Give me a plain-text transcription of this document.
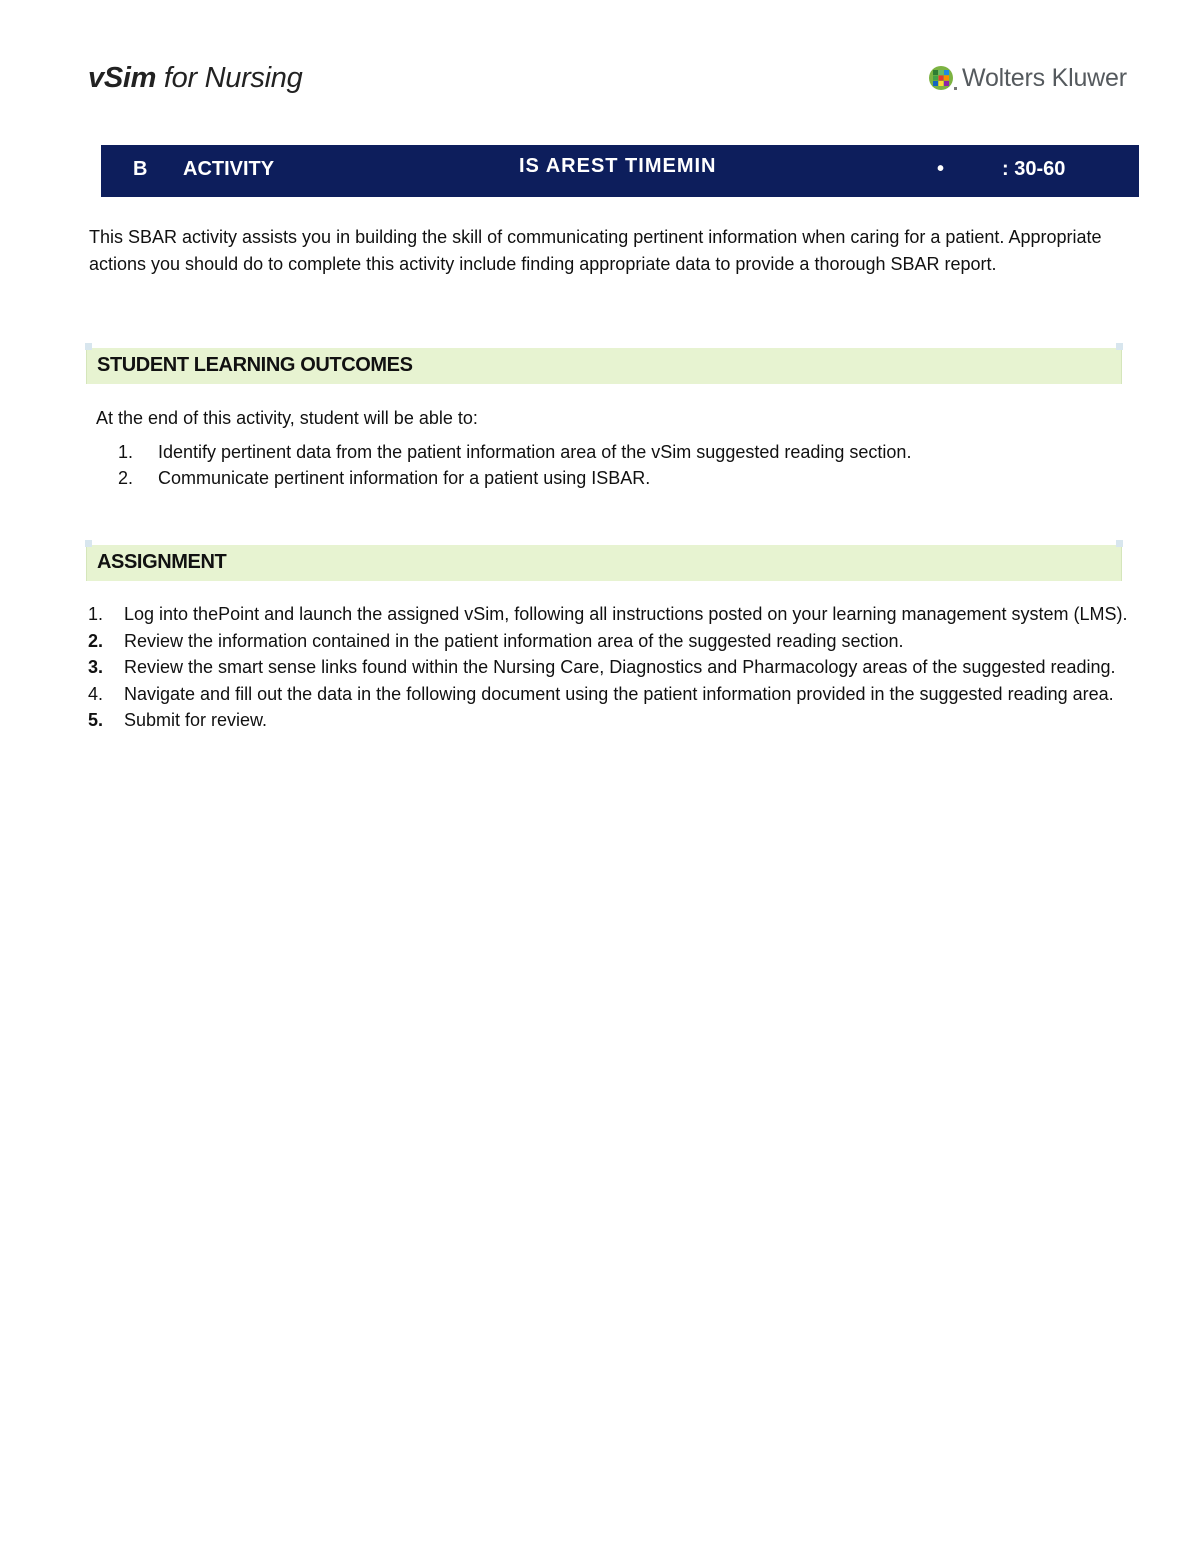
vSim for Nursing	Wolters Kluwer
B ACTIVITY	IS AREST TIMEMIN	•	: 30-60
This SBAR activity assists you in building the skill of communicating pertinent information when caring for a patient. Appropriate actions you should do to complete this activity include finding appropriate data to provide a thorough SBAR report.
STUDENT LEARNING OUTCOMES
At the end of this activity, student will be able to:
1. Identify pertinent data from the patient information area of the vSim suggested reading section.
2. Communicate pertinent information for a patient using ISBAR.
ASSIGNMENT
1. Log into thePoint and launch the assigned vSim, following all instructions posted on your learning management system (LMS).
2. Review the information contained in the patient information area of the suggested reading section.
3. Review the smart sense links found within the Nursing Care, Diagnostics and Pharmacology areas of the suggested reading.
4. Navigate and fill out the data in the following document using the patient information provided in the suggested reading area.
5. Submit for review.
